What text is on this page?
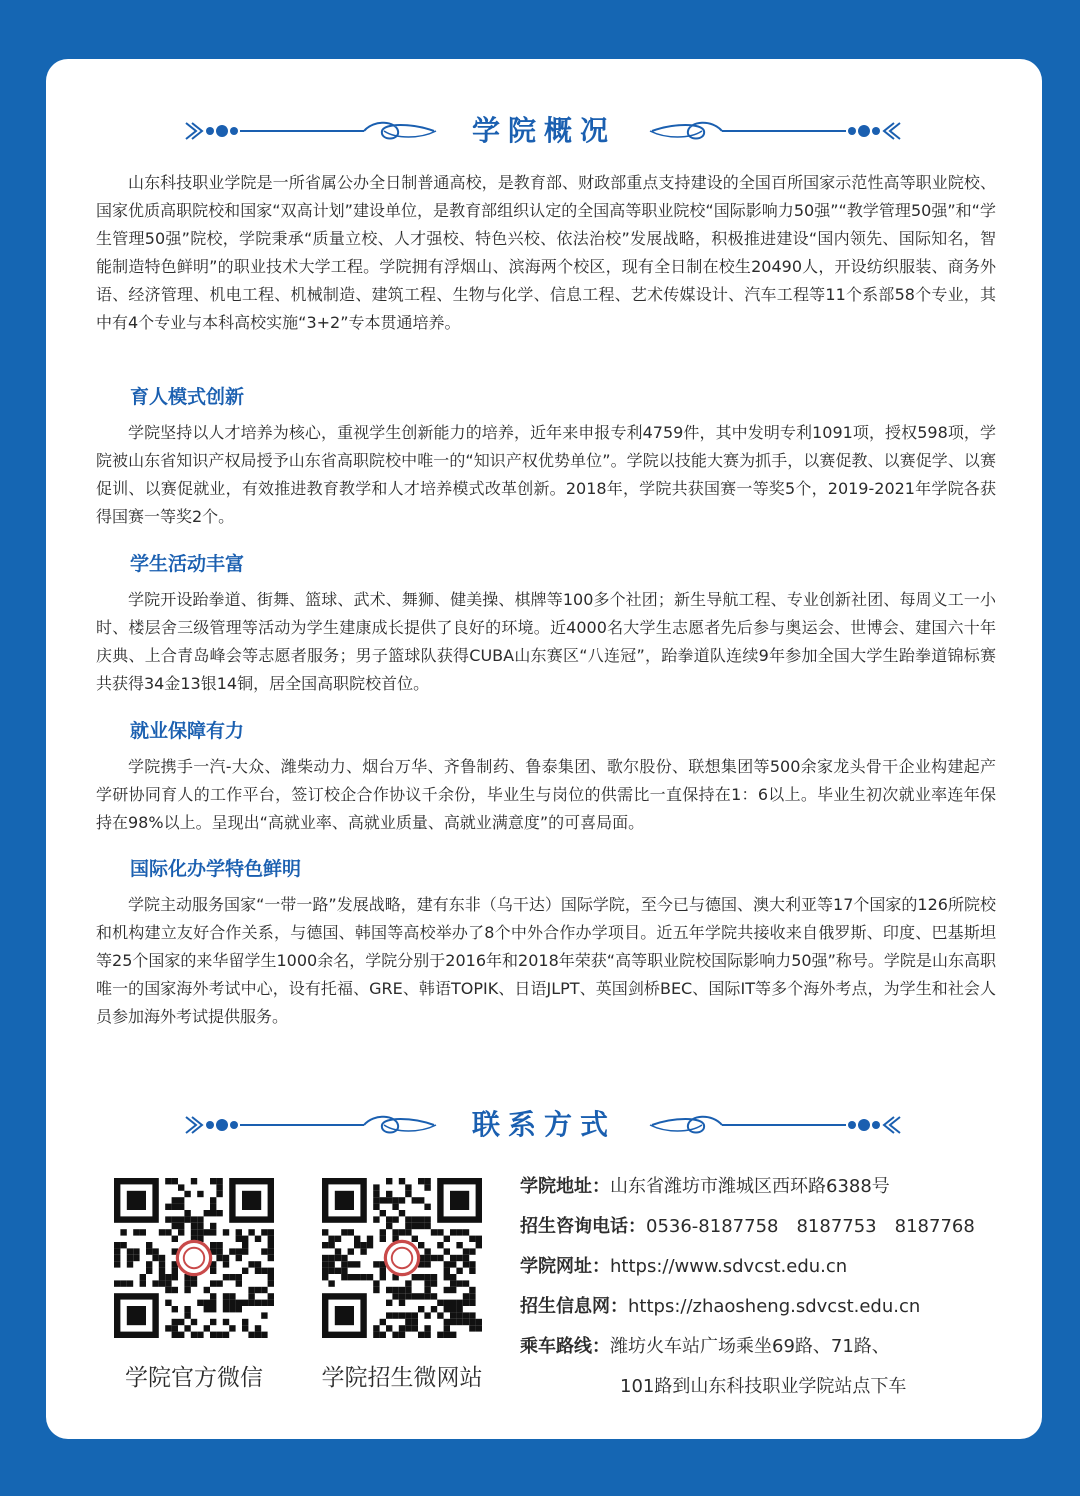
学院概况

山东科技职业学院是一所省属公办全日制普通高校，是教育部、财政部重点支持建设的全国百所国家示范性高等职业院校、国家优质高职院校和国家“双高计划”建设单位，是教育部组织认定的全国高等职业院校“国际影响力50强”“教学管理50强”和“学生管理50强”院校，学院秉承“质量立校、人才强校、特色兴校、依法治校”发展战略，积极推进建设“国内领先、国际知名，智能制造特色鲜明”的职业技术大学工程。学院拥有浮烟山、滨海两个校区，现有全日制在校生20490人，开设纺织服装、商务外语、经济管理、机电工程、机械制造、建筑工程、生物与化学、信息工程、艺术传媒设计、汽车工程等11个系部58个专业，其中有4个专业与本科高校实施“3+2”专本贯通培养。

育人模式创新

学院坚持以人才培养为核心，重视学生创新能力的培养，近年来申报专利4759件，其中发明专利1091项，授权598项，学院被山东省知识产权局授予山东省高职院校中唯一的“知识产权优势单位”。学院以技能大赛为抓手，以赛促教、以赛促学、以赛促训、以赛促就业，有效推进教育教学和人才培养模式改革创新。2018年，学院共获国赛一等奖5个，2019-2021年学院各获得国赛一等奖2个。

学生活动丰富

学院开设跆拳道、街舞、篮球、武术、舞狮、健美操、棋牌等100多个社团；新生导航工程、专业创新社团、每周义工一小时、楼层舍三级管理等活动为学生建康成长提供了良好的环境。近4000名大学生志愿者先后参与奥运会、世博会、建国六十年庆典、上合青岛峰会等志愿者服务；男子篮球队获得CUBA山东赛区“八连冠”，跆拳道队连续9年参加全国大学生跆拳道锦标赛共获得34金13银14铜，居全国高职院校首位。

就业保障有力

学院携手一汽-大众、潍柴动力、烟台万华、齐鲁制药、鲁泰集团、歌尔股份、联想集团等500余家龙头骨干企业构建起产学研协同育人的工作平台，签订校企合作协议千余份，毕业生与岗位的供需比一直保持在1：6以上。毕业生初次就业率连年保持在98%以上。呈现出“高就业率、高就业质量、高就业满意度”的可喜局面。

国际化办学特色鲜明

学院主动服务国家“一带一路”发展战略，建有东非（乌干达）国际学院，至今已与德国、澳大利亚等17个国家的126所院校和机构建立友好合作关系，与德国、韩国等高校举办了8个中外合作办学项目。近五年学院共接收来自俄罗斯、印度、巴基斯坦等25个国家的来华留学生1000余名，学院分别于2016年和2018年荣获“高等职业院校国际影响力50强”称号。学院是山东高职唯一的国家海外考试中心，设有托福、GRE、韩语TOPIK、日语JLPT、英国剑桥BEC、国际IT等多个海外考点，为学生和社会人员参加海外考试提供服务。

联系方式
学院官方微信	学院招生微网站
学院地址：山东省潍坊市潍城区西环路6388号
招生咨询电话：0536-8187758　8187753　8187768
学院网址：https://www.sdvcst.edu.cn
招生信息网：https://zhaosheng.sdvcst.edu.cn
乘车路线：潍坊火车站广场乘坐69路、71路、
101路到山东科技职业学院站点下车
